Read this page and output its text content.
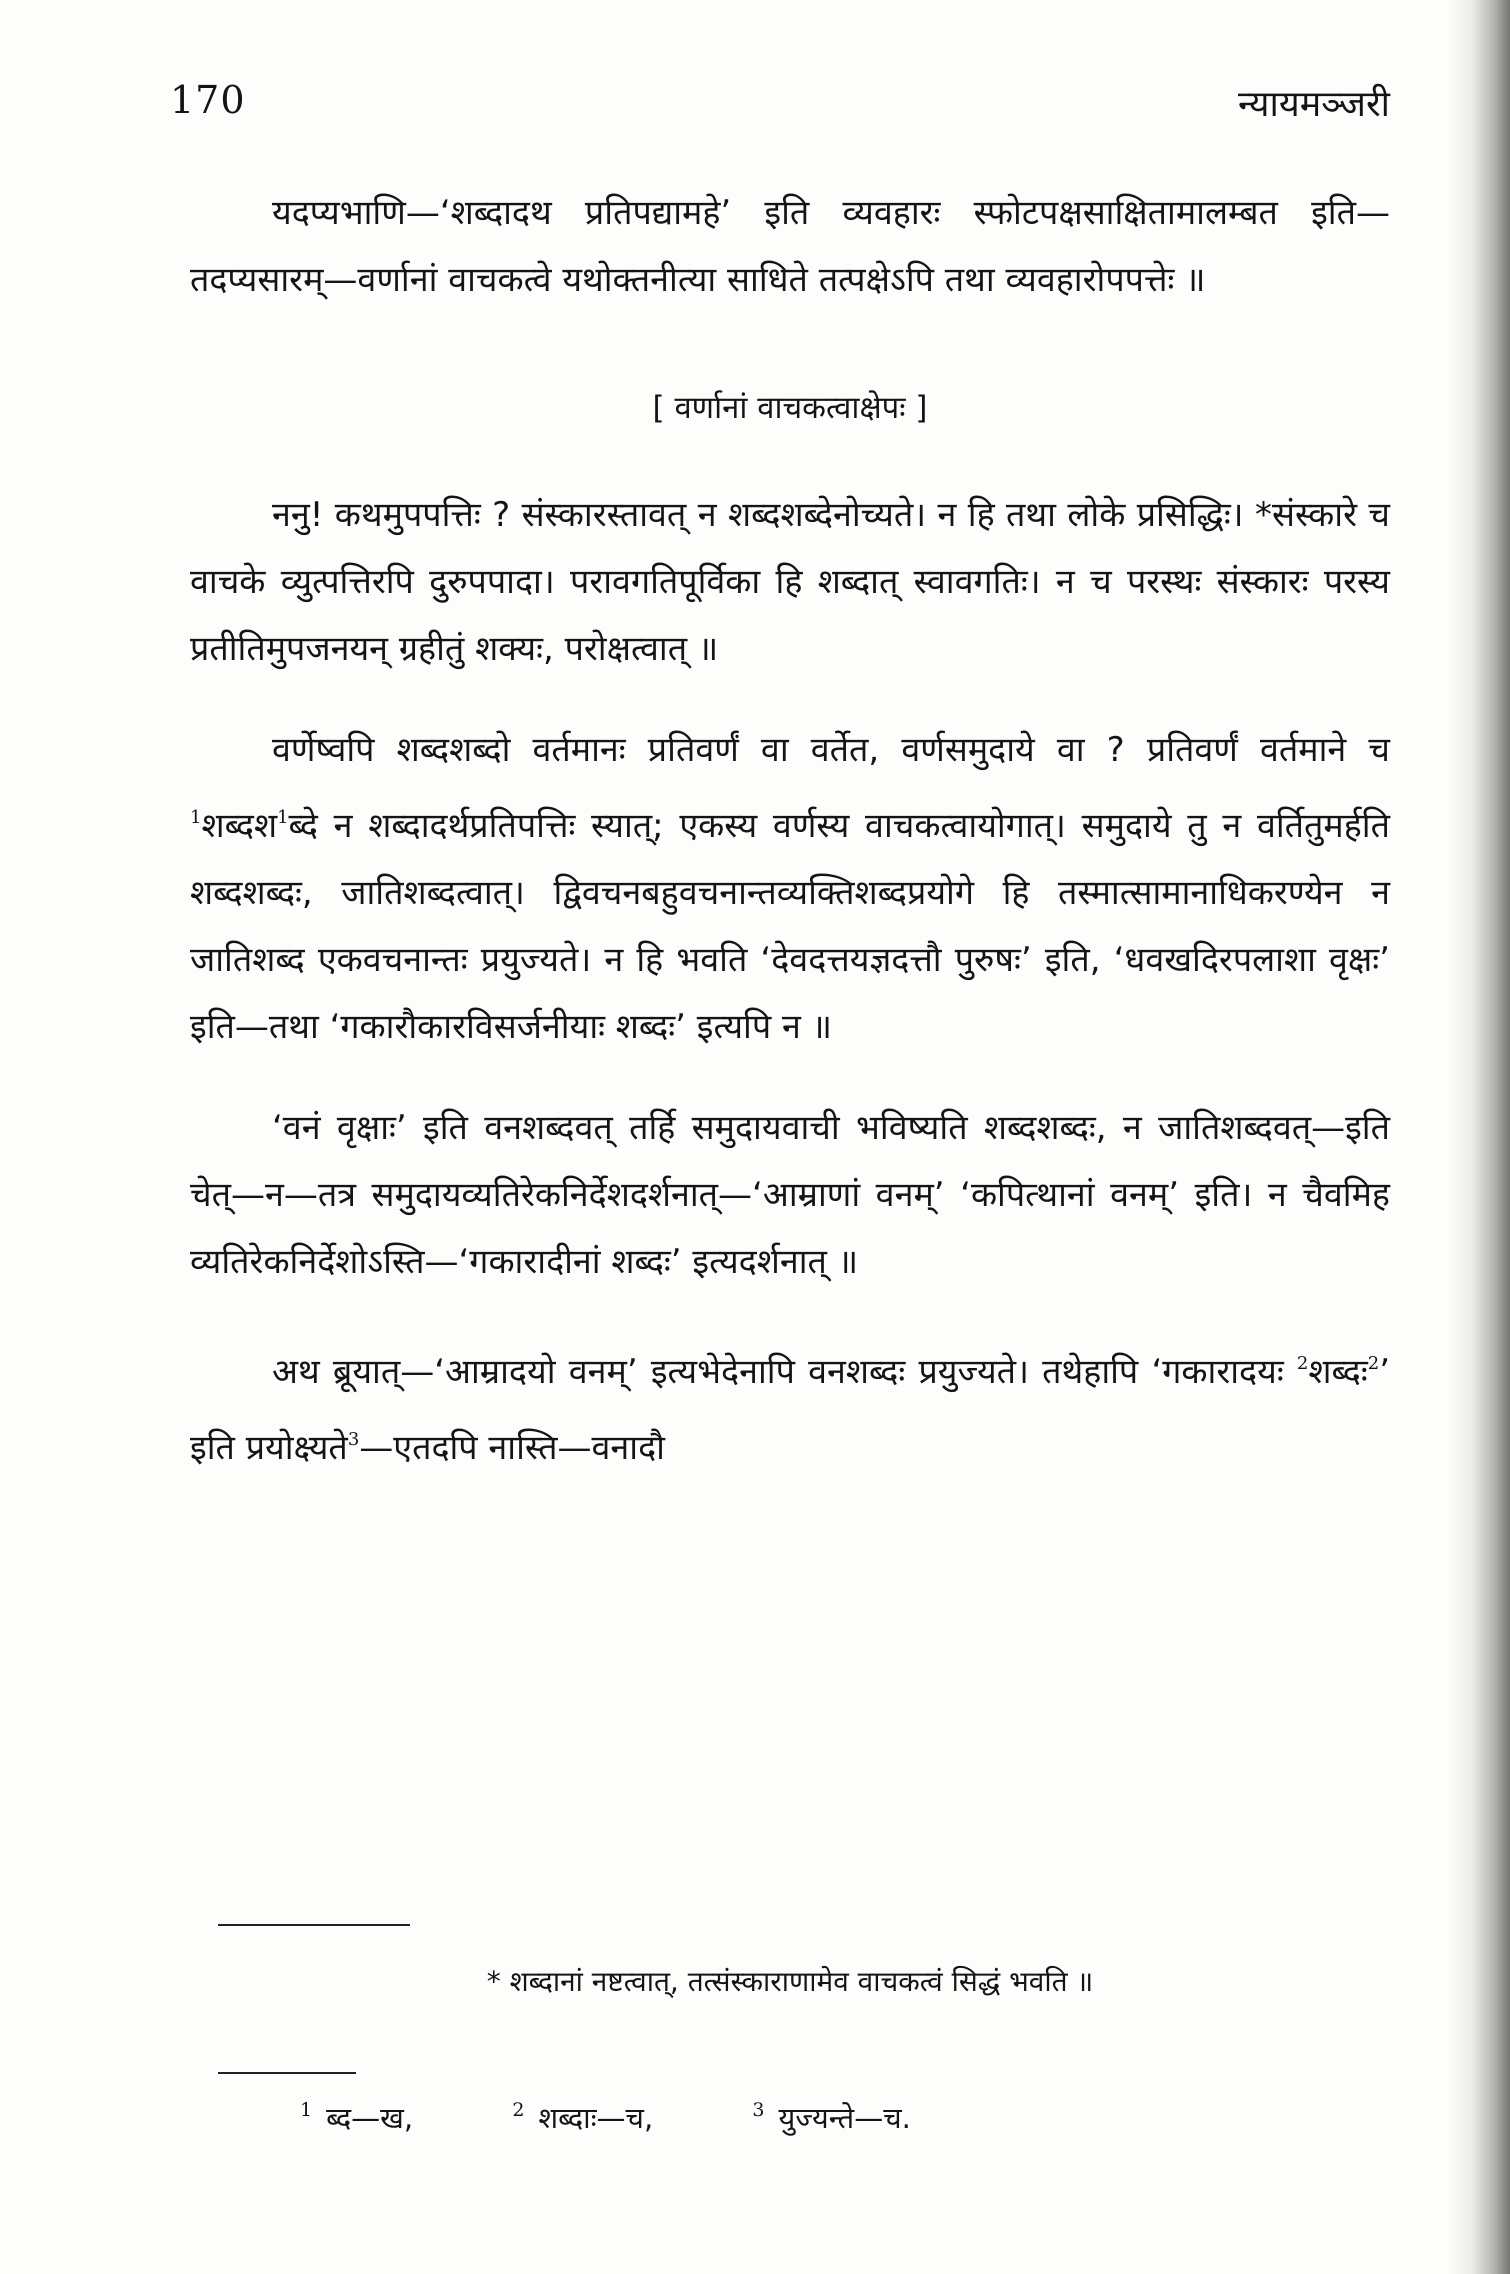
170	न्यायमञ्जरी

यदप्यभाणि—‘शब्दादथ प्रतिपद्यामहे’ इति व्यवहारः स्फोटपक्षसाक्षितामालम्बत इति—तदप्यसारम्—वर्णानां वाचकत्वे यथोक्तनीत्या साधिते तत्पक्षेऽपि तथा व्यवहारोपपत्तेः ॥

[ वर्णानां वाचकत्वाक्षेपः ]

ननु! कथमुपपत्तिः ? संस्कारस्तावत् न शब्दशब्देनोच्यते। न हि तथा लोके प्रसिद्धिः। *संस्कारे च वाचके व्युत्पत्तिरपि दुरुपपादा। परावगतिपूर्विका हि शब्दात् स्वावगतिः। न च परस्थः संस्कारः परस्य प्रतीतिमुपजनयन् ग्रहीतुं शक्यः, परोक्षत्वात् ॥

वर्णेष्वपि शब्दशब्दो वर्तमानः प्रतिवर्णं वा वर्तेत, वर्णसमुदाये वा ? प्रतिवर्णं वर्तमाने च $^1$शब्दश$^1$ब्दे न शब्दादर्थप्रतिपत्तिः स्यात्; एकस्य वर्णस्य वाचकत्वायोगात्। समुदाये तु न वर्तितुमर्हति शब्दशब्दः, जातिशब्दत्वात्। द्विवचनबहुवचनान्तव्यक्तिशब्दप्रयोगे हि तस्मात्सामानाधिकरण्येन न जातिशब्द एकवचनान्तः प्रयुज्यते। न हि भवति ‘देवदत्तयज्ञदत्तौ पुरुषः’ इति, ‘धवखदिरपलाशा वृक्षः’ इति—तथा ‘गकारौकारविसर्जनीयाः शब्दः’ इत्यपि न ॥

‘वनं वृक्षाः’ इति वनशब्दवत् तर्हि समुदायवाची भविष्यति शब्दशब्दः, न जातिशब्दवत्—इति चेत्—न—तत्र समुदायव्यतिरेकनिर्देशदर्शनात्—‘आम्राणां वनम्’ ‘कपित्थानां वनम्’ इति। न चैवमिह व्यतिरेकनिर्देशोऽस्ति—‘गकारादीनां शब्दः’ इत्यदर्शनात् ॥

अथ ब्रूयात्—‘आम्रादयो वनम्’ इत्यभेदेनापि वनशब्दः प्रयुज्यते। तथेहापि ‘गकारादयः $^2$शब्दः$^2$’ इति प्रयोक्ष्यते$^3$—एतदपि नास्ति—वनादौ

* शब्दानां नष्टत्वात्, तत्संस्काराणामेव वाचकत्वं सिद्धं भवति ॥
$^1$ ब्द—ख,	$^2$ शब्दाः—च,	$^3$ युज्यन्ते—च.
